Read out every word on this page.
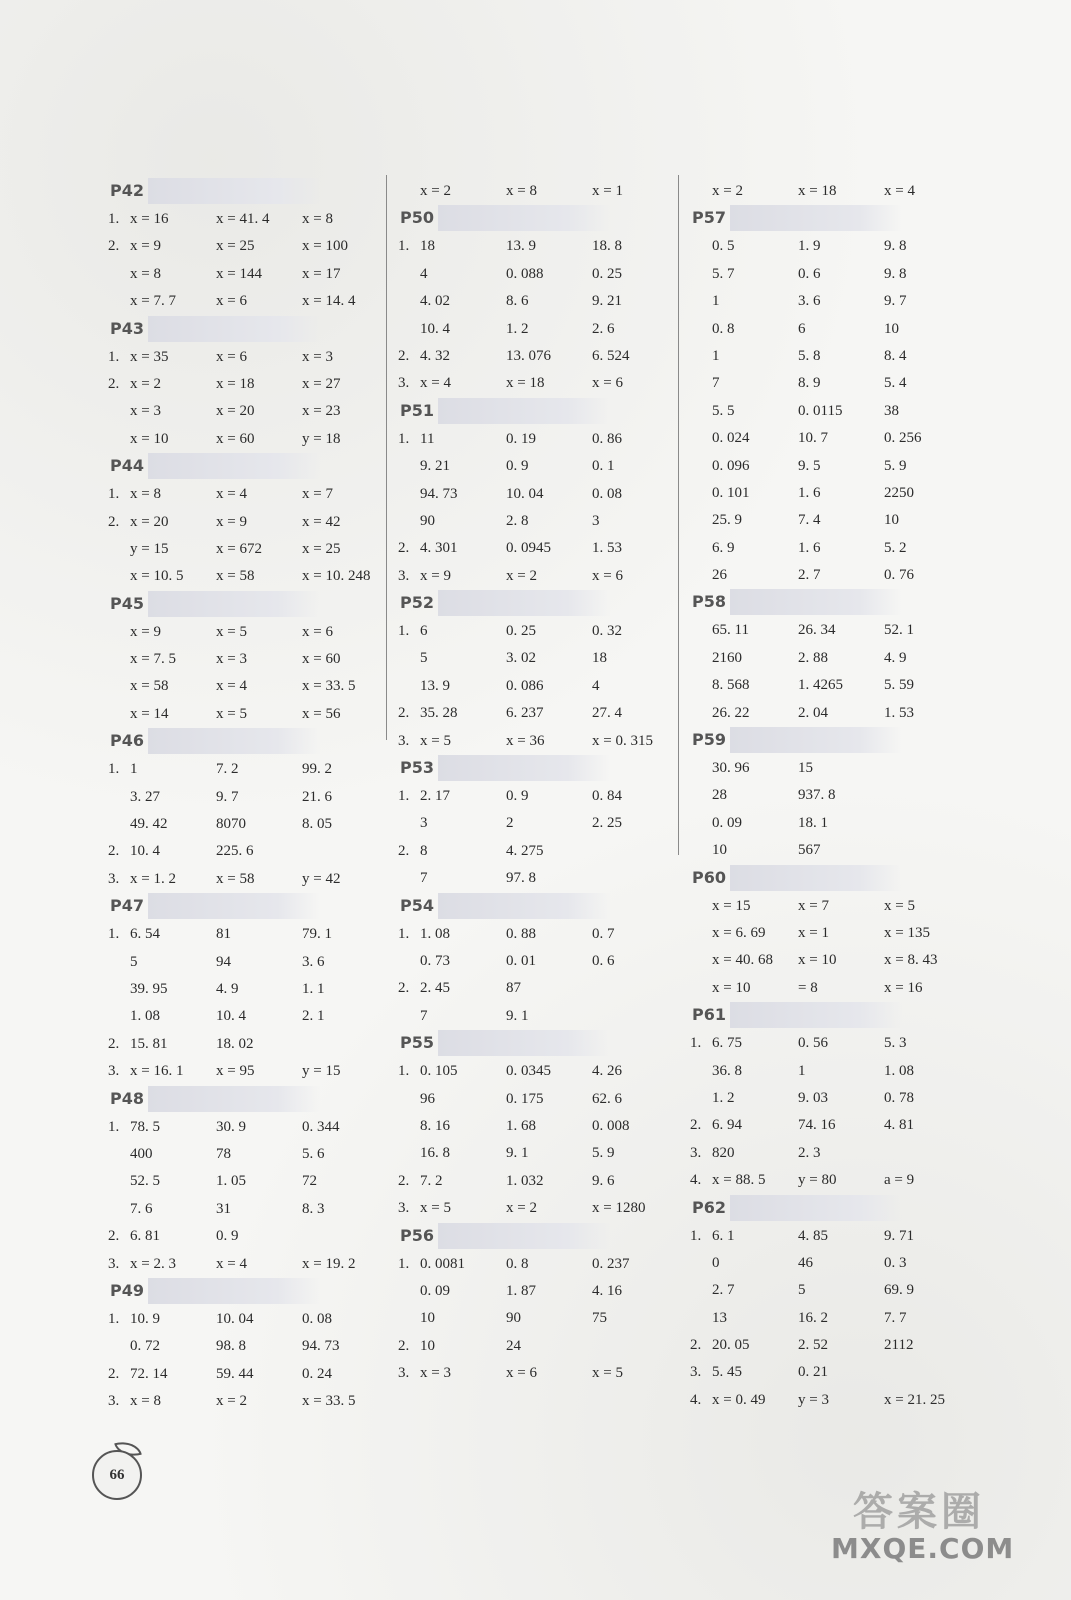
P42
1. x = 16	x = 41. 4	x = 8
2. x = 9	x = 25	x = 100
x = 8	x = 144	x = 17
x = 7. 7	x = 6	x = 14. 4
P43
1. x = 35	x = 6	x = 3
2. x = 2	x = 18	x = 27
x = 3	x = 20	x = 23
x = 10	x = 60	y = 18
P44
1. x = 8	x = 4	x = 7
2. x = 20	x = 9	x = 42
y = 15	x = 672	x = 25
x = 10. 5	x = 58	x = 10. 248
P45
x = 9	x = 5	x = 6
x = 7. 5	x = 3	x = 60
x = 58	x = 4	x = 33. 5
x = 14	x = 5	x = 56
P46
1. 1	7. 2	99. 2
3. 27	9. 7	21. 6
49. 42	8070	8. 05
2. 10. 4	225. 6
3. x = 1. 2	x = 58	y = 42
P47
1. 6. 54	81	79. 1
5	94	3. 6
39. 95	4. 9	1. 1
1. 08	10. 4	2. 1
2. 15. 81	18. 02
3. x = 16. 1	x = 95	y = 15
P48
1. 78. 5	30. 9	0. 344
400	78	5. 6
52. 5	1. 05	72
7. 6	31	8. 3
2. 6. 81	0. 9
3. x = 2. 3	x = 4	x = 19. 2
P49
1. 10. 9	10. 04	0. 08
0. 72	98. 8	94. 73
2. 72. 14	59. 44	0. 24
3. x = 8	x = 2	x = 33. 5
x = 2	x = 8	x = 1
P50
1. 18	13. 9	18. 8
4	0. 088	0. 25
4. 02	8. 6	9. 21
10. 4	1. 2	2. 6
2. 4. 32	13. 076	6. 524
3. x = 4	x = 18	x = 6
P51
1. 11	0. 19	0. 86
9. 21	0. 9	0. 1
94. 73	10. 04	0. 08
90	2. 8	3
2. 4. 301	0. 0945	1. 53
3. x = 9	x = 2	x = 6
P52
1. 6	0. 25	0. 32
5	3. 02	18
13. 9	0. 086	4
2. 35. 28	6. 237	27. 4
3. x = 5	x = 36	x = 0. 315
P53
1. 2. 17	0. 9	0. 84
3	2	2. 25
2. 8	4. 275
7	97. 8
P54
1. 1. 08	0. 88	0. 7
0. 73	0. 01	0. 6
2. 2. 45	87
7	9. 1
P55
1. 0. 105	0. 0345	4. 26
96	0. 175	62. 6
8. 16	1. 68	0. 008
16. 8	9. 1	5. 9
2. 7. 2	1. 032	9. 6
3. x = 5	x = 2	x = 1280
P56
1. 0. 0081	0. 8	0. 237
0. 09	1. 87	4. 16
10	90	75
2. 10	24
3. x = 3	x = 6	x = 5
x = 2	x = 18	x = 4
P57
0. 5	1. 9	9. 8
5. 7	0. 6	9. 8
1	3. 6	9. 7
0. 8	6	10
1	5. 8	8. 4
7	8. 9	5. 4
5. 5	0. 0115	38
0. 024	10. 7	0. 256
0. 096	9. 5	5. 9
0. 101	1. 6	2250
25. 9	7. 4	10
6. 9	1. 6	5. 2
26	2. 7	0. 76
P58
65. 11	26. 34	52. 1
2160	2. 88	4. 9
8. 568	1. 4265	5. 59
26. 22	2. 04	1. 53
P59
30. 96	15
28	937. 8
0. 09	18. 1
10	567
P60
x = 15	x = 7	x = 5
x = 6. 69	x = 1	x = 135
x = 40. 68	x = 10	x = 8. 43
x = 10	= 8	x = 16
P61
1. 6. 75	0. 56	5. 3
36. 8	1	1. 08
1. 2	9. 03	0. 78
2. 6. 94	74. 16	4. 81
3. 820	2. 3
4. x = 88. 5	y = 80	a = 9
P62
1. 6. 1	4. 85	9. 71
0	46	0. 3
2. 7	5	69. 9
13	16. 2	7. 7
2. 20. 05	2. 52	2112
3. 5. 45	0. 21
4. x = 0. 49	y = 3	x = 21. 25
66
答案圈
MXQE.COM
